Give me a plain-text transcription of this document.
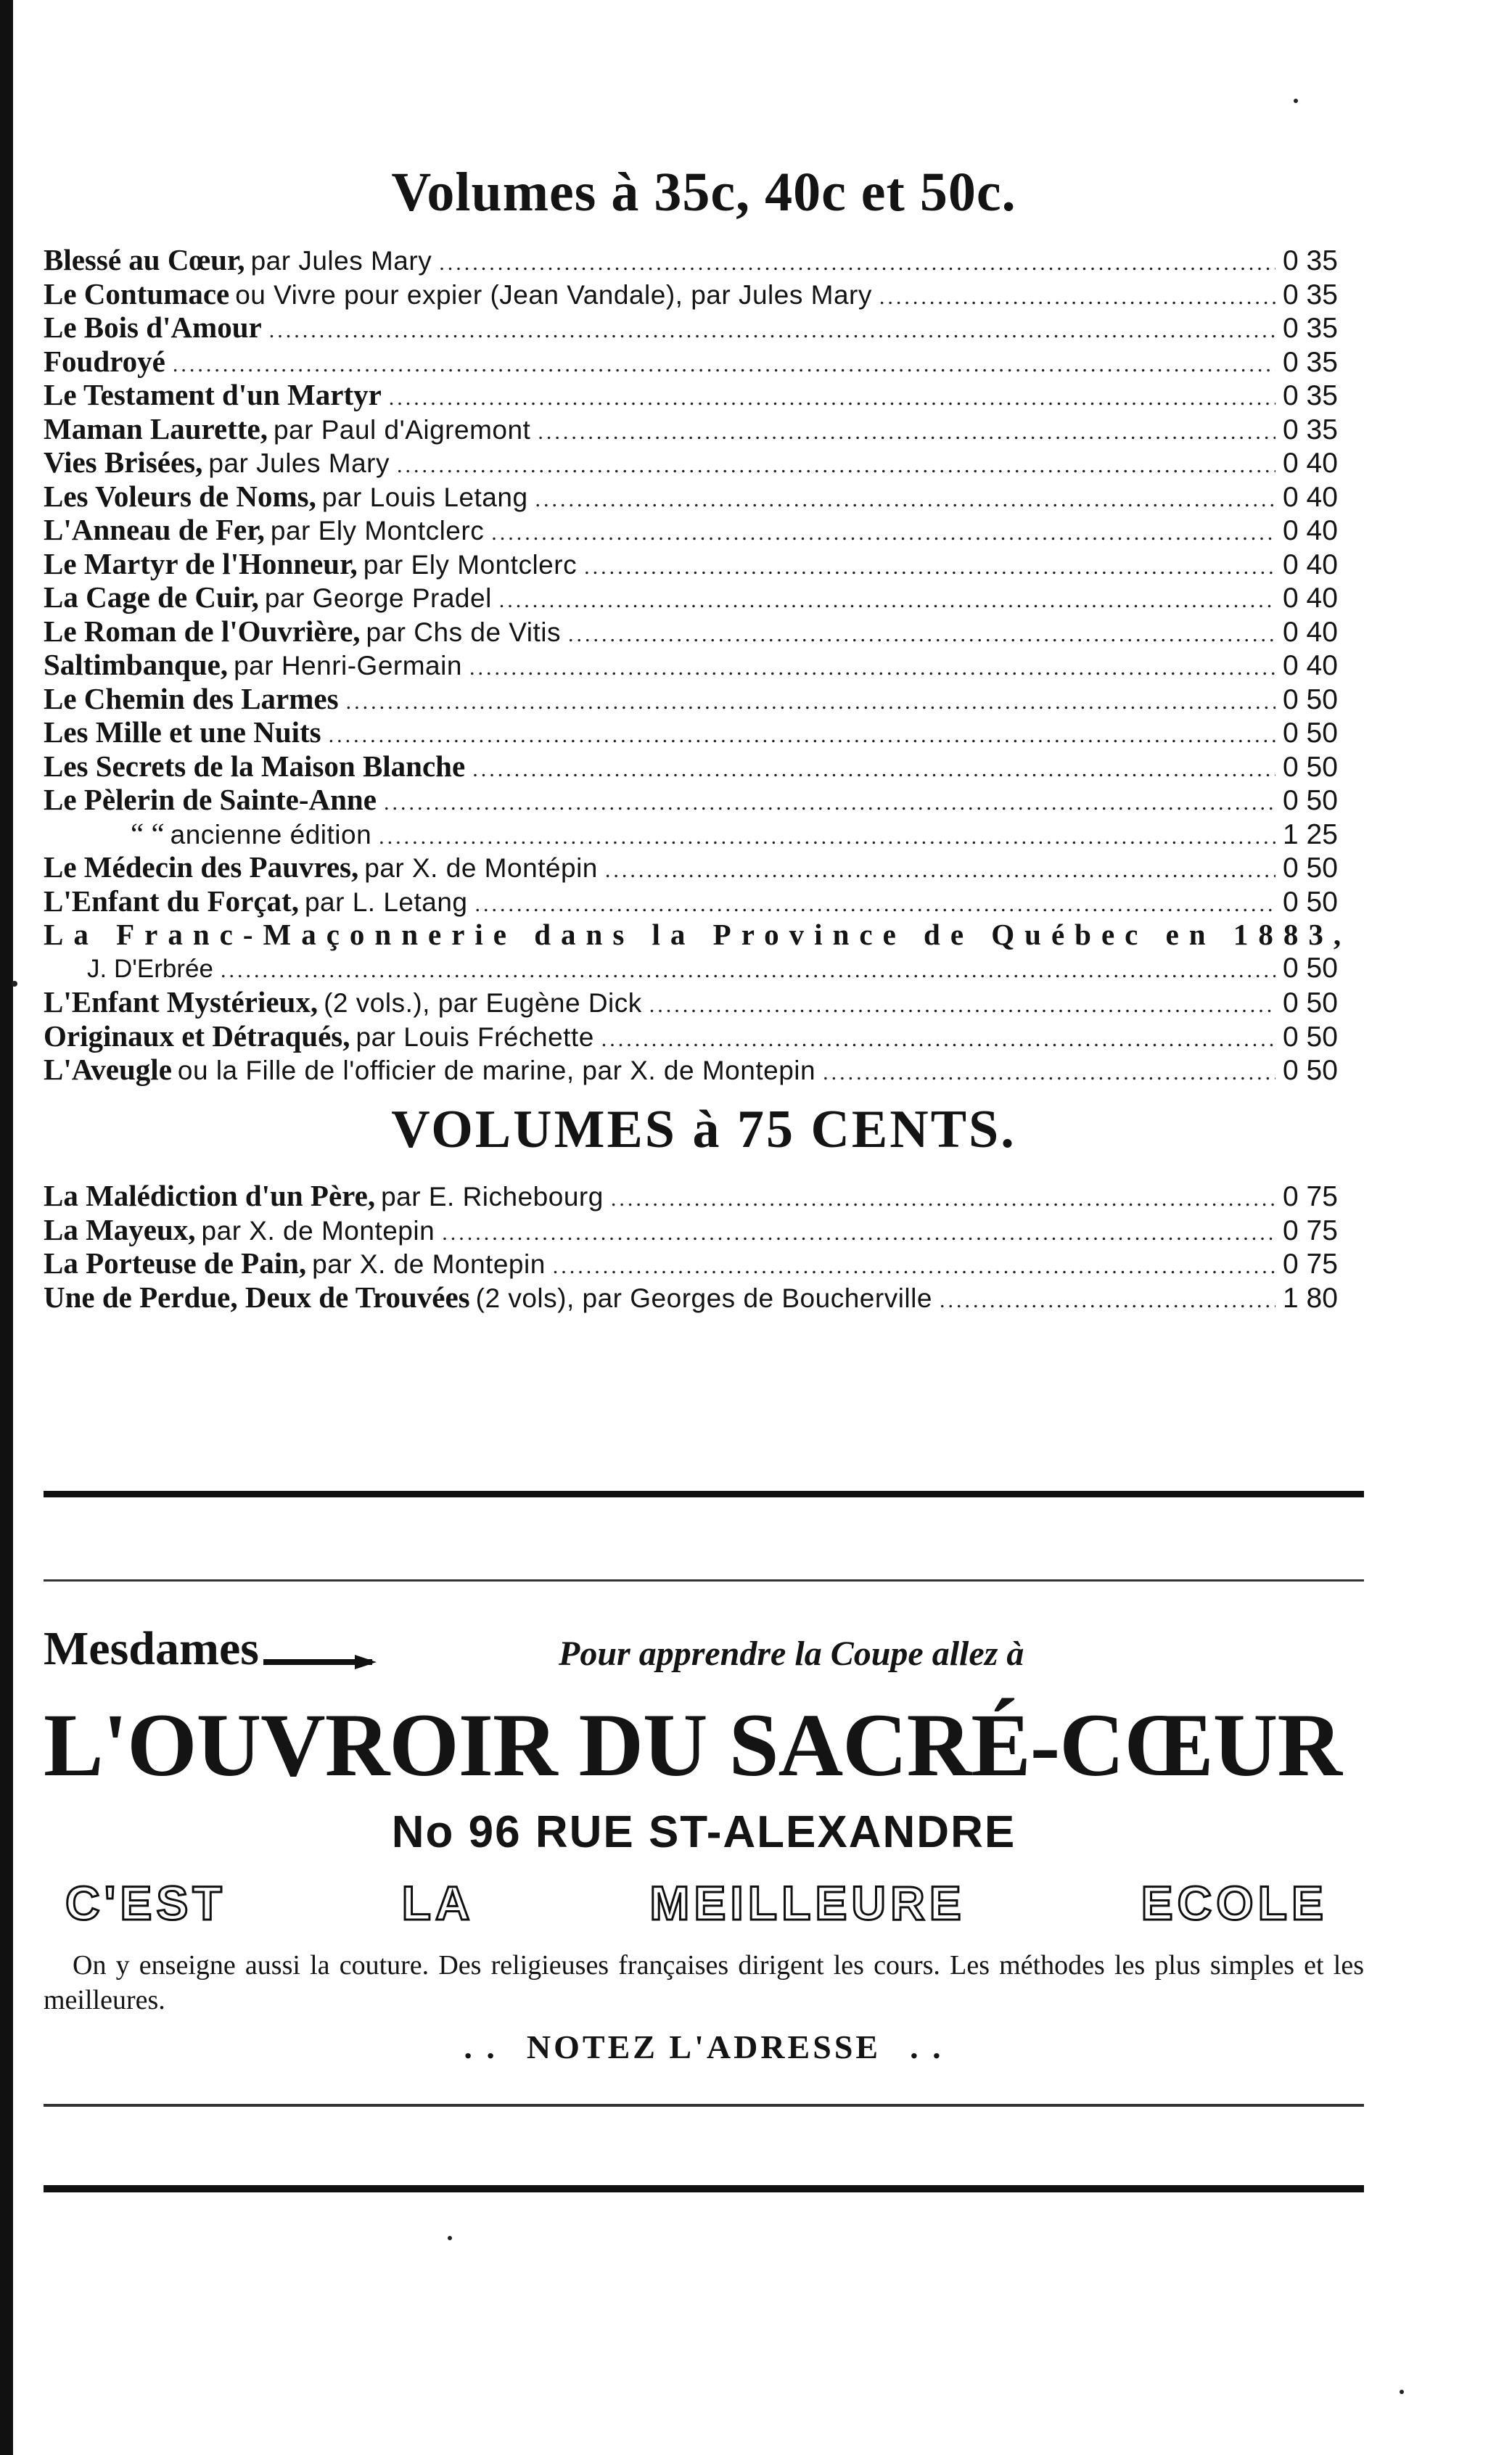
Volumes à 35c, 40c et 50c.
Blessé au Cœur, par Jules Mary .....	0 35
Le Contumace ou Vivre pour expier (Jean Vandale), par Jules Mary .....	0 35
Le Bois d'Amour .....	0 35
Foudroyé .....	0 35
Le Testament d'un Martyr .....	0 35
Maman Laurette, par Paul d'Aigremont .....	0 35
Vies Brisées, par Jules Mary .....	0 40
Les Voleurs de Noms, par Louis Letang .....	0 40
L'Anneau de Fer, par Ely Montclerc .....	0 40
Le Martyr de l'Honneur, par Ely Montclerc .....	0 40
La Cage de Cuir, par George Pradel .....	0 40
Le Roman de l'Ouvrière, par Chs de Vitis .....	0 40
Saltimbanque, par Henri-Germain .....	0 40
Le Chemin des Larmes .....	0 50
Les Mille et une Nuits .....	0 50
Les Secrets de la Maison Blanche .....	0 50
Le Pèlerin de Sainte-Anne .....	0 50
“ “ ancienne édition .....	1 25
Le Médecin des Pauvres, par X. de Montépin .....	0 50
L'Enfant du Forçat, par L. Letang .....	0 50
La Franc-Maçonnerie dans la Province de Québec en 1883,
J. D'Erbrée .....	0 50
L'Enfant Mystérieux, (2 vols.), par Eugène Dick .....	0 50
Originaux et Détraqués, par Louis Fréchette .....	0 50
L'Aveugle ou la Fille de l'officier de marine, par X. de Montepin .....	0 50
VOLUMES à 75 CENTS.
La Malédiction d'un Père, par E. Richebourg .....	0 75
La Mayeux, par X. de Montepin .....	0 75
La Porteuse de Pain, par X. de Montepin .....	0 75
Une de Perdue, Deux de Trouvées (2 vols), par Georges de Boucherville .....	1 80
Mesdames	Pour apprendre la Coupe allez à
L'OUVROIR DU SACRÉ-CŒUR
No 96 RUE ST-ALEXANDRE
C'EST	LA	MEILLEURE	ECOLE
On y enseigne aussi la couture. Des religieuses françaises dirigent les cours. Les méthodes les plus simples et les meilleures.
. . NOTEZ L'ADRESSE . .
